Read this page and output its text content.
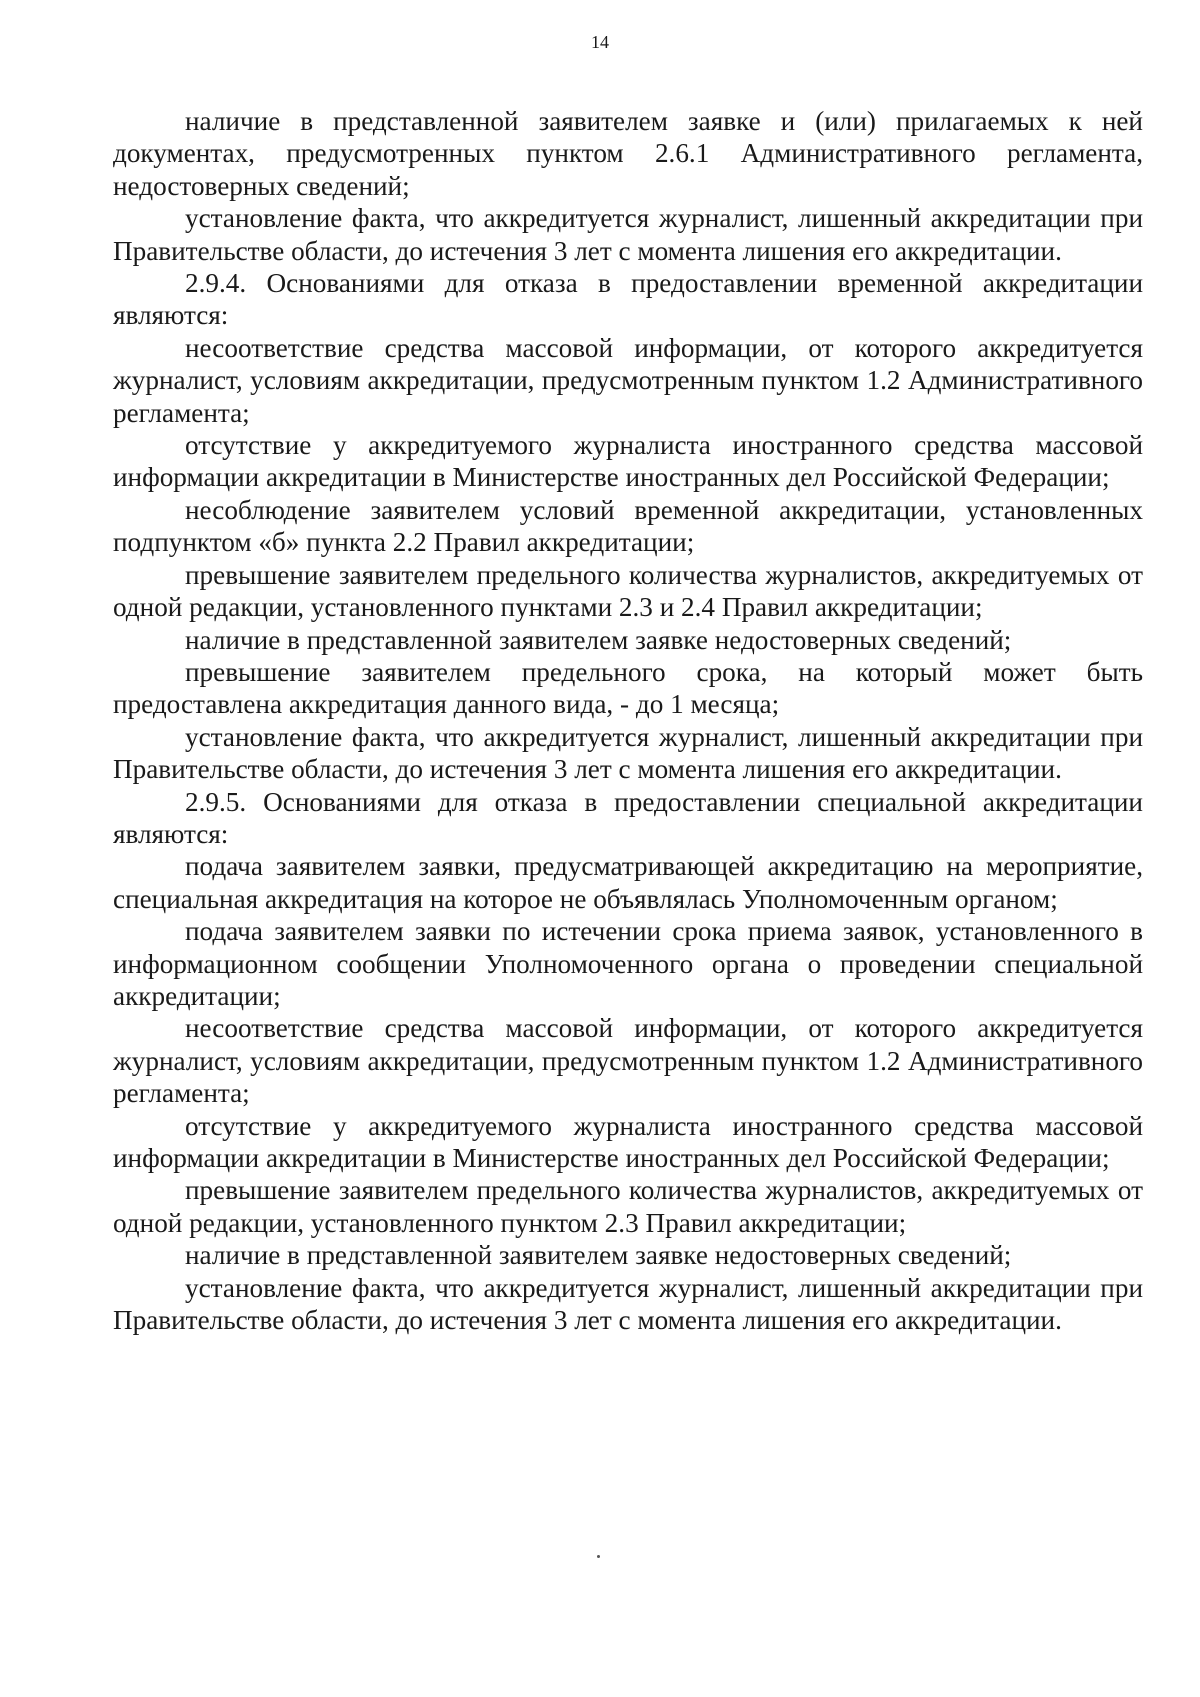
14

наличие в представленной заявителем заявке и (или) прилагаемых к ней документах, предусмотренных пунктом 2.6.1 Административного регламента, недостоверных сведений;

установление факта, что аккредитуется журналист, лишенный аккредитации при Правительстве области, до истечения 3 лет с момента лишения его аккредитации.

2.9.4. Основаниями для отказа в предоставлении временной аккредитации являются:

несоответствие средства массовой информации, от которого аккредитуется журналист, условиям аккредитации, предусмотренным пунктом 1.2 Административного регламента;

отсутствие у аккредитуемого журналиста иностранного средства массовой информации аккредитации в Министерстве иностранных дел Российской Федерации;

несоблюдение заявителем условий временной аккредитации, установленных подпунктом «б» пункта 2.2 Правил аккредитации;

превышение заявителем предельного количества журналистов, аккредитуемых от одной редакции, установленного пунктами 2.3 и 2.4 Правил аккредитации;

наличие в представленной заявителем заявке недостоверных сведений;

превышение заявителем предельного срока, на который может быть предоставлена аккредитация данного вида, - до 1 месяца;

установление факта, что аккредитуется журналист, лишенный аккредитации при Правительстве области, до истечения 3 лет с момента лишения его аккредитации.

2.9.5. Основаниями для отказа в предоставлении специальной аккредитации являются:

подача заявителем заявки, предусматривающей аккредитацию на мероприятие, специальная аккредитация на которое не объявлялась Уполномоченным органом;

подача заявителем заявки по истечении срока приема заявок, установленного в информационном сообщении Уполномоченного органа о проведении специальной аккредитации;

несоответствие средства массовой информации, от которого аккредитуется журналист, условиям аккредитации, предусмотренным пунктом 1.2 Административного регламента;

отсутствие у аккредитуемого журналиста иностранного средства массовой информации аккредитации в Министерстве иностранных дел Российской Федерации;

превышение заявителем предельного количества журналистов, аккредитуемых от одной редакции, установленного пунктом 2.3 Правил аккредитации;

наличие в представленной заявителем заявке недостоверных сведений;

установление факта, что аккредитуется журналист, лишенный аккредитации при Правительстве области, до истечения 3 лет с момента лишения его аккредитации.
